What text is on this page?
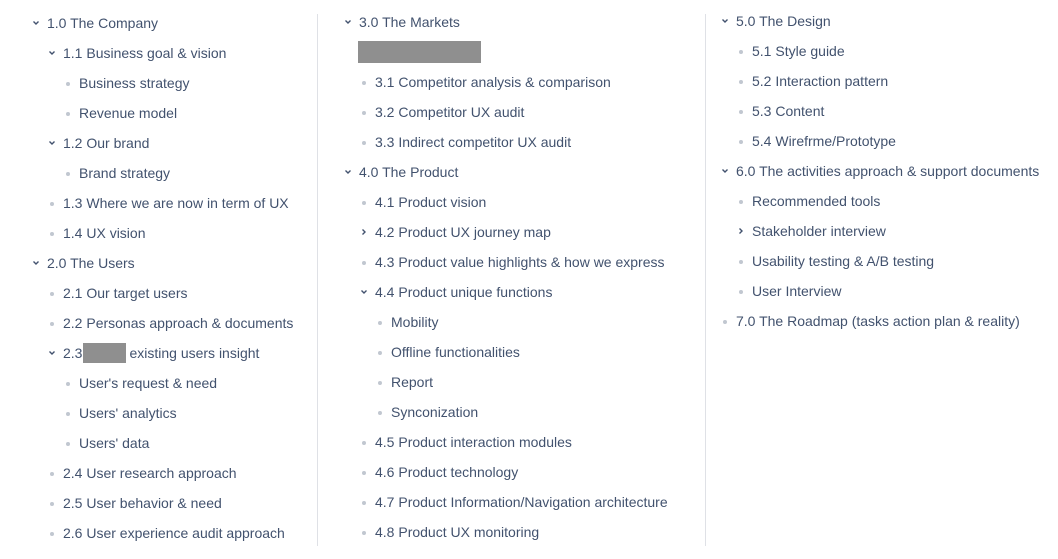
1.0 The Company
1.1 Business goal & vision
Business strategy
Revenue model
1.2 Our brand
Brand strategy
1.3 Where we are now in term of UX
1.4 UX vision
2.0 The Users
2.1 Our target users
2.2 Personas approach & documents
2.3	existing users insight
User's request & need
Users' analytics
Users' data
2.4 User research approach
2.5 User behavior & need
2.6 User experience audit approach
3.0 The Markets
3.1 Competitor analysis & comparison
3.2 Competitor UX audit
3.3 Indirect competitor UX audit
4.0 The Product
4.1 Product vision
4.2 Product UX journey map
4.3 Product value highlights & how we express
4.4 Product unique functions
Mobility
Offline functionalities
Report
Synconization
4.5 Product interaction modules
4.6 Product technology
4.7 Product Information/Navigation architecture
4.8 Product UX monitoring
5.0 The Design
5.1 Style guide
5.2 Interaction pattern
5.3 Content
5.4 Wirefrme/Prototype
6.0 The activities approach & support documents
Recommended tools
Stakeholder interview
Usability testing & A/B testing
User Interview
7.0 The Roadmap (tasks action plan & reality)
